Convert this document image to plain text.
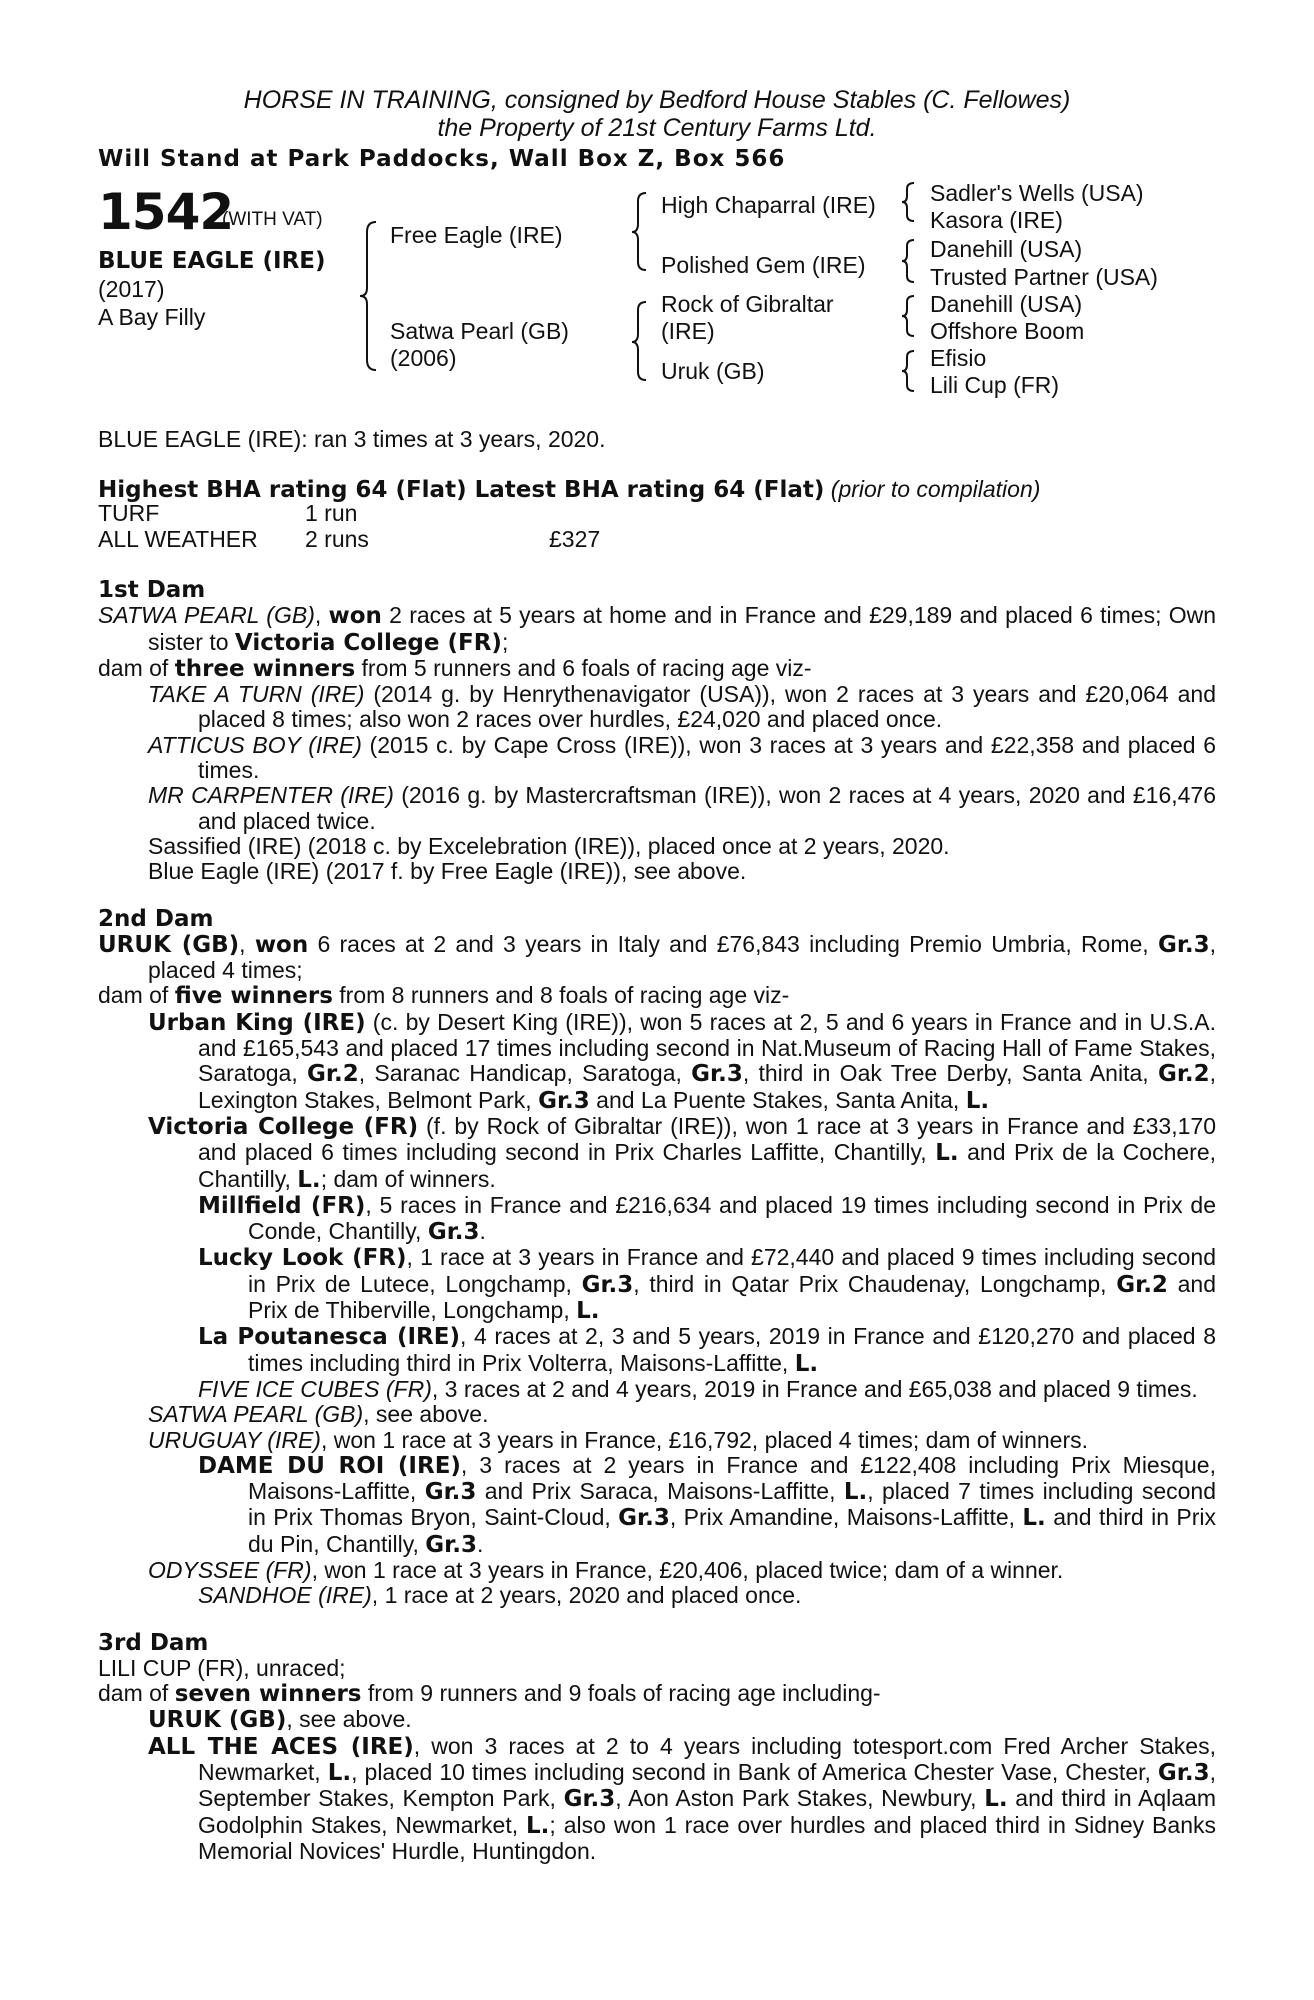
HORSE IN TRAINING, consigned by Bedford House Stables (C. Fellowes)
the Property of 21st Century Farms Ltd.
Will Stand at Park Paddocks, Wall Box Z, Box 566
1542
(WITH VAT)
BLUE EAGLE (IRE)
(2017)
A Bay Filly
Free Eagle (IRE)
Satwa Pearl (GB)
(2006)
High Chaparral (IRE)
Polished Gem (IRE)
Rock of Gibraltar
(IRE)
Uruk (GB)
Sadler's Wells (USA)
Kasora (IRE)
Danehill (USA)
Trusted Partner (USA)
Danehill (USA)
Offshore Boom
Efisio
Lili Cup (FR)
BLUE EAGLE (IRE): ran 3 times at 3 years, 2020.
Highest BHA rating 64 (Flat) Latest BHA rating 64 (Flat) (prior to compilation)
TURF	1 run
ALL WEATHER 2 runs	£327

1st Dam

SATWA PEARL (GB), won 2 races at 5 years at home and in France and £29,189 and placed 6 times; Own sister to Victoria College (FR);

dam of three winners from 5 runners and 6 foals of racing age viz-

TAKE A TURN (IRE) (2014 g. by Henrythenavigator (USA)), won 2 races at 3 years and £20,064 and placed 8 times; also won 2 races over hurdles, £24,020 and placed once.

ATTICUS BOY (IRE) (2015 c. by Cape Cross (IRE)), won 3 races at 3 years and £22,358 and placed 6 times.

MR CARPENTER (IRE) (2016 g. by Mastercraftsman (IRE)), won 2 races at 4 years, 2020 and £16,476 and placed twice.

Sassified (IRE) (2018 c. by Excelebration (IRE)), placed once at 2 years, 2020.

Blue Eagle (IRE) (2017 f. by Free Eagle (IRE)), see above.

2nd Dam

URUK (GB), won 6 races at 2 and 3 years in Italy and £76,843 including Premio Umbria, Rome, Gr.3, placed 4 times;

dam of five winners from 8 runners and 8 foals of racing age viz-

Urban King (IRE) (c. by Desert King (IRE)), won 5 races at 2, 5 and 6 years in France and in U.S.A. and £165,543 and placed 17 times including second in Nat.Museum of Racing Hall of Fame Stakes, Saratoga, Gr.2, Saranac Handicap, Saratoga, Gr.3, third in Oak Tree Derby, Santa Anita, Gr.2, Lexington Stakes, Belmont Park, Gr.3 and La Puente Stakes, Santa Anita, L.

Victoria College (FR) (f. by Rock of Gibraltar (IRE)), won 1 race at 3 years in France and £33,170 and placed 6 times including second in Prix Charles Laffitte, Chantilly, L. and Prix de la Cochere, Chantilly, L.; dam of winners.

Millfield (FR), 5 races in France and £216,634 and placed 19 times including second in Prix de Conde, Chantilly, Gr.3.

Lucky Look (FR), 1 race at 3 years in France and £72,440 and placed 9 times including second in Prix de Lutece, Longchamp, Gr.3, third in Qatar Prix Chaudenay, Longchamp, Gr.2 and Prix de Thiberville, Longchamp, L.

La Poutanesca (IRE), 4 races at 2, 3 and 5 years, 2019 in France and £120,270 and placed 8 times including third in Prix Volterra, Maisons-Laffitte, L.

FIVE ICE CUBES (FR), 3 races at 2 and 4 years, 2019 in France and £65,038 and placed 9 times.

SATWA PEARL (GB), see above.

URUGUAY (IRE), won 1 race at 3 years in France, £16,792, placed 4 times; dam of winners.

DAME DU ROI (IRE), 3 races at 2 years in France and £122,408 including Prix Miesque, Maisons-Laffitte, Gr.3 and Prix Saraca, Maisons-Laffitte, L., placed 7 times including second in Prix Thomas Bryon, Saint-Cloud, Gr.3, Prix Amandine, Maisons-Laffitte, L. and third in Prix du Pin, Chantilly, Gr.3.

ODYSSEE (FR), won 1 race at 3 years in France, £20,406, placed twice; dam of a winner.

SANDHOE (IRE), 1 race at 2 years, 2020 and placed once.

3rd Dam

LILI CUP (FR), unraced;

dam of seven winners from 9 runners and 9 foals of racing age including-

URUK (GB), see above.

ALL THE ACES (IRE), won 3 races at 2 to 4 years including totesport.com Fred Archer Stakes, Newmarket, L., placed 10 times including second in Bank of America Chester Vase, Chester, Gr.3, September Stakes, Kempton Park, Gr.3, Aon Aston Park Stakes, Newbury, L. and third in Aqlaam Godolphin Stakes, Newmarket, L.; also won 1 race over hurdles and placed third in Sidney Banks Memorial Novices' Hurdle, Huntingdon.
